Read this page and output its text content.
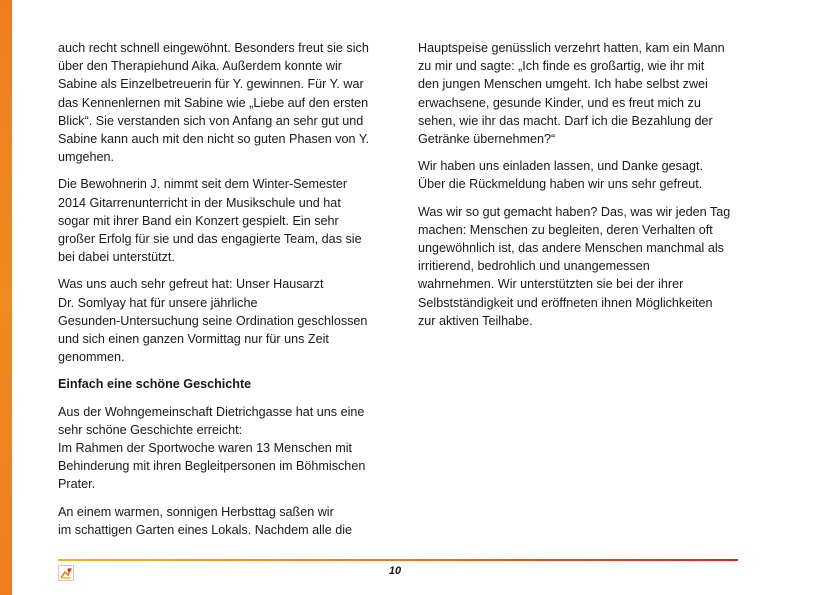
auch recht schnell eingewöhnt. Besonders freut sie sich
über den Therapiehund Aika. Außerdem konnte wir
Sabine als Einzelbetreuerin für Y. gewinnen. Für Y. war
das Kennenlernen mit Sabine wie „Liebe auf den ersten
Blick“. Sie verstanden sich von Anfang an sehr gut und
Sabine kann auch mit den nicht so guten Phasen von Y.
umgehen.

Die Bewohnerin J. nimmt seit dem Winter-Semester
2014 Gitarrenunterricht in der Musikschule und hat
sogar mit ihrer Band ein Konzert gespielt. Ein sehr
großer Erfolg für sie und das engagierte Team, das sie
bei dabei unterstützt.

Was uns auch sehr gefreut hat: Unser Hausarzt
Dr. Somlyay hat für unsere jährliche
Gesunden-Untersuchung seine Ordination geschlossen
und sich einen ganzen Vormittag nur für uns Zeit
genommen.

Einfach eine schöne Geschichte

Aus der Wohngemeinschaft Dietrichgasse hat uns eine
sehr schöne Geschichte erreicht:
Im Rahmen der Sportwoche waren 13 Menschen mit
Behinderung mit ihren Begleitpersonen im Böhmischen
Prater.

An einem warmen, sonnigen Herbsttag saßen wir
im schattigen Garten eines Lokals. Nachdem alle die

Hauptspeise genüsslich verzehrt hatten, kam ein Mann
zu mir und sagte: „Ich finde es großartig, wie ihr mit
den jungen Menschen umgeht. Ich habe selbst zwei
erwachsene, gesunde Kinder, und es freut mich zu
sehen, wie ihr das macht. Darf ich die Bezahlung der
Getränke übernehmen?“

Wir haben uns einladen lassen, und Danke gesagt.
Über die Rückmeldung haben wir uns sehr gefreut.

Was wir so gut gemacht haben? Das, was wir jeden Tag
machen: Menschen zu begleiten, deren Verhalten oft
ungewöhnlich ist, das andere Menschen manchmal als
irritierend, bedrohlich und unangemessen
wahrnehmen. Wir unterstützten sie bei der ihrer
Selbstständigkeit und eröffneten ihnen Möglichkeiten
zur aktiven Teilhabe.

10
